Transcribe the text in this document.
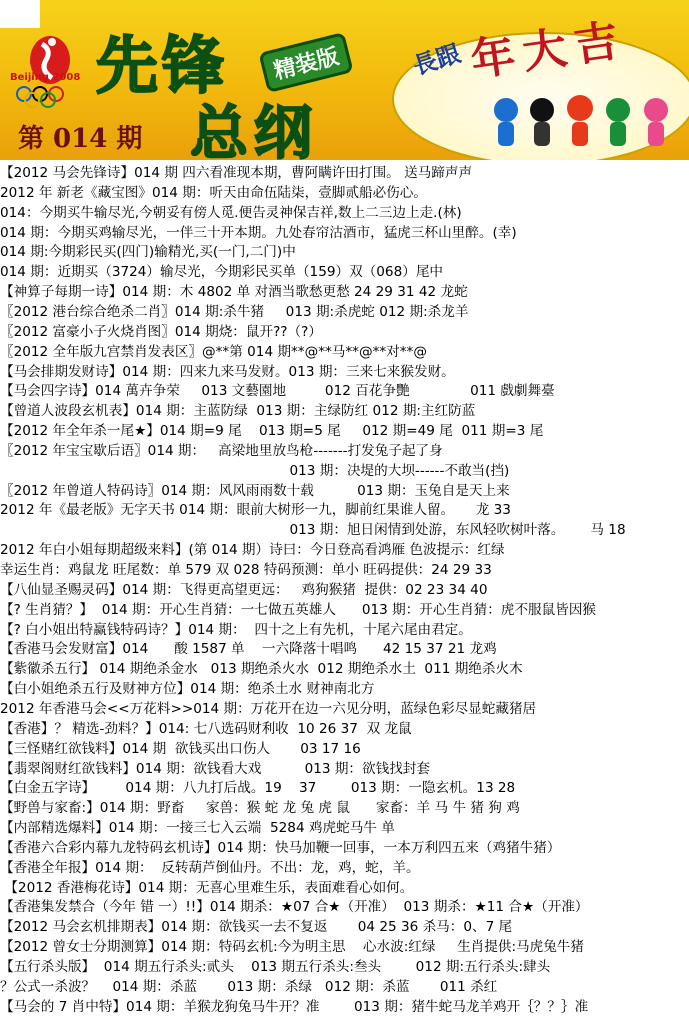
Beijing 2008 先锋	精装版
总纲
第 014 期
長跟 年大吉
【2012 马会先锋诗】014 期 四六看准现本期，曹阿瞒许田打围。 送马蹄声声
2012 年 新老《藏宝图》014 期：听天由命伍陆柒，壹脚贰船必伤心。
014：今期买牛输尽光,今朝妥有傍人觅.便告灵神保吉祥,数上二三边上走.(林)
014 期：今期买鸡输尽光，一伴三十开本期。九处春帘沽酒市，猛虎三杯山里醉。(幸)
014 期:今期彩民买(四门)输精光,买(一门,二门)中
014 期：近期买（3724）输尽光，今期彩民买单（159）双（068）尾中
【神算子每期一诗】014 期：木 4802 单 对酒当歌愁更愁 24 29 31 42 龙蛇
〖2012 港台综合绝杀二肖〗014 期:杀牛猪     013 期:杀虎蛇 012 期:杀龙羊
〖2012 富豪小子火烧肖图〗014 期烧：鼠开??（?）
〖2012 全年版九宫禁肖发表区〗@**第 014 期**@**马**@**对**@
【马会排期发财诗】014 期：四来九来马发财。013 期：三来七来猴发财。
【马会四字诗】014 萬卉争荣     013 文藝園地         012 百花争艷              011 戲劇舞臺
【曾道人波段玄机表】014 期：主蓝防绿  013 期：主绿防红 012 期:主红防蓝
【2012 年全年杀一尾★】014 期=9 尾    013 期=5 尾     012 期=49 尾  011 期=3 尾
〖2012 年宝宝歇后语〗014 期：   高梁地里放鸟枪-------打发兔子起了身
013 期：决堤的大坝------不敢当(挡)
〖2012 年曾道人特码诗〗014 期：风风雨雨数十载          013 期：玉兔自是天上来
2012 年《最老版》无字天书 014 期：眼前大树形一九，脚前红果谁人留。     龙 33
013 期：旭日闲情到处游，东风轻吹树叶落。      马 18
2012 年白小姐每期超级来料】(第 014 期）诗曰：今日登高看鸿雁 色波提示：红绿
幸运生肖：鸡鼠龙 旺尾数：单 579 双 028 特码预测：单小 旺码提供：24 29 33
【八仙显圣赐灵码】014 期：飞得更高望更远：   鸡狗猴猪  提供：02 23 34 40
【? 生肖猜？】  014 期：开心生肖猜：一七做五英雄人      013 期：开心生肖猜：虎不服鼠皆因猴
【? 白小姐出特赢钱特码诗？】014 期：  四十之上有先机，十尾六尾由君定。
【香港马会发财富】014      酸 1587 单    一六降落十唱鸣      42 15 37 21 龙鸡
【紫徽杀五行】 014 期绝杀金水   013 期绝杀火水  012 期绝杀水土  011 期绝杀火木
【白小姐绝杀五行及财神方位】014 期：绝杀土水 财神南北方
2012 年香港马会<<万花料>>014 期：万花开在边一六见分明，蓝绿色彩尽显蛇藏猪居
【香港】？ 精选-劲料？】014: 七八选码财利收  10 26 37  双 龙鼠
【三怪赌红欲钱料】014 期  欲钱买出口伤人       03 17 16
【翡翠阁财红欲钱料】014 期：欲钱看大戏          013 期：欲钱找封套
【白金五字诗】       014 期：八九打后战。19    37        013 期：一隐玄机。13 28
【野兽与家畜:】014 期：野畜     家兽：猴 蛇 龙 兔 虎 鼠      家畜：羊 马 牛 猪 狗 鸡
【内部精选爆料】014 期：一接三七入云端  5284 鸡虎蛇马牛 单
【香港六合彩内幕九龙特码玄机诗】014 期：快马加鞭一回事，一本万利四五来（鸡猪牛猪）
【香港全年报】014 期：  反转葫芦倒仙丹。不出：龙，鸡，蛇，羊。
【2012 香港梅花诗】014 期：无喜心里难生乐，表面难看心如何。
【香港集发禁合（今年 错 一）!!】014 期杀：★07 合★（开准）  013 期杀：★11 合★（开准）
【2012 马会玄机排期表】014 期：欲钱买一去不复返       04 25 36 杀马：0、7 尾
【2012 曾女士分期测算】014 期：特码玄机:今为明主思    心水波:红绿     生肖提供:马虎兔牛猪
【五行杀头版】  014 期五行杀头:贰头    013 期五行杀头:叁头        012 期:五行杀头:肆头
？公式一杀波？    014 期：杀蓝       013 期：杀绿   012 期：杀蓝       011 杀红
【马会的 7 肖中特】014 期：羊猴龙狗兔马牛开？准        013 期：猪牛蛇马龙羊鸡开｛？？｝准
